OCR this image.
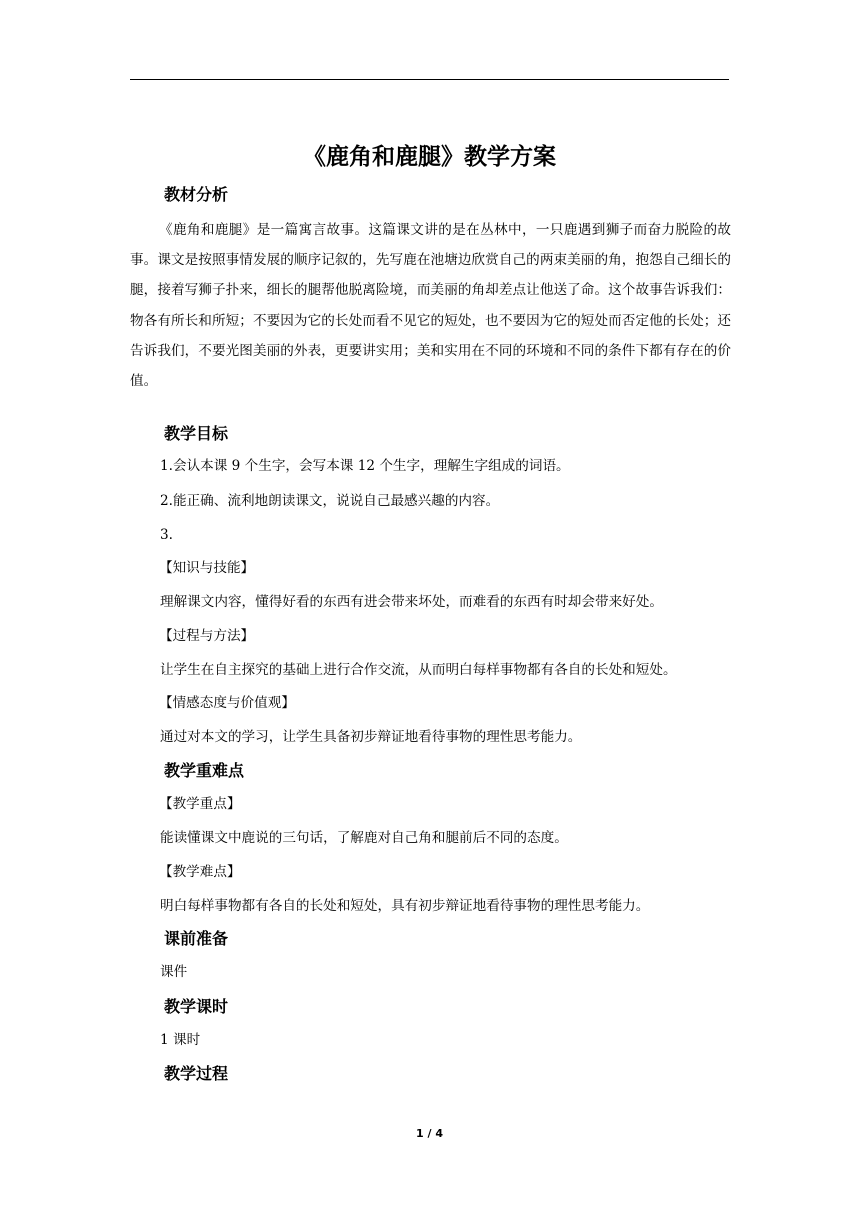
《鹿角和鹿腿》教学方案
教材分析

《鹿角和鹿腿》是一篇寓言故事。这篇课文讲的是在丛林中，一只鹿遇到狮子而奋力脱险的故事。课文是按照事情发展的顺序记叙的，先写鹿在池塘边欣赏自己的两束美丽的角，抱怨自己细长的腿，接着写狮子扑来，细长的腿帮他脱离险境，而美丽的角却差点让他送了命。这个故事告诉我们：物各有所长和所短；不要因为它的长处而看不见它的短处，也不要因为它的短处而否定他的长处；还告诉我们，不要光图美丽的外表，更要讲实用；美和实用在不同的环境和不同的条件下都有存在的价值。

教学目标

1.会认本课 9 个生字，会写本课 12 个生字，理解生字组成的词语。

2.能正确、流利地朗读课文，说说自己最感兴趣的内容。

3.

【知识与技能】

理解课文内容，懂得好看的东西有进会带来坏处，而难看的东西有时却会带来好处。

【过程与方法】

让学生在自主探究的基础上进行合作交流，从而明白每样事物都有各自的长处和短处。

【情感态度与价值观】

通过对本文的学习，让学生具备初步辩证地看待事物的理性思考能力。

教学重难点

【教学重点】

能读懂课文中鹿说的三句话，了解鹿对自己角和腿前后不同的态度。

【教学难点】

明白每样事物都有各自的长处和短处，具有初步辩证地看待事物的理性思考能力。

课前准备

课件

教学课时

1 课时

教学过程
1 / 4
